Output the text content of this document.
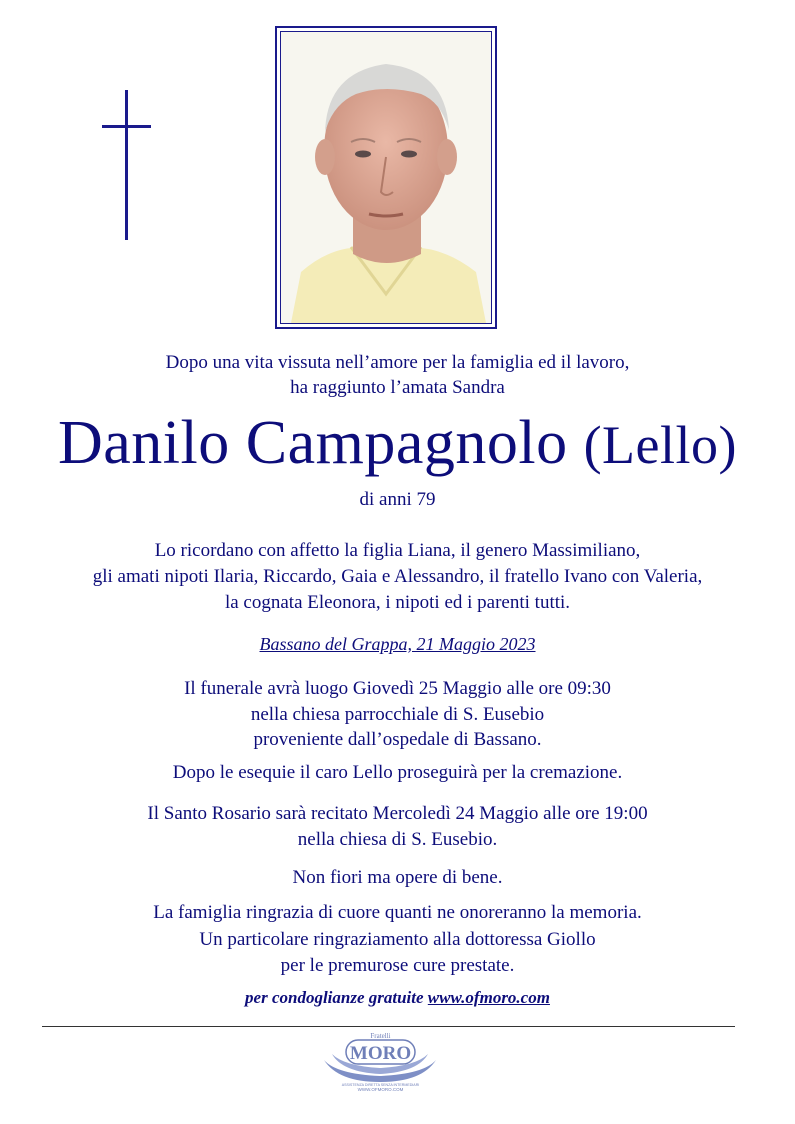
Dopo una vita vissuta nell’amore per la famiglia ed il lavoro,
ha raggiunto l’amata Sandra
Danilo Campagnolo (Lello)
di anni 79
Lo ricordano con affetto la figlia Liana, il genero Massimiliano,
gli amati nipoti Ilaria, Riccardo, Gaia e Alessandro, il fratello Ivano con Valeria,
la cognata Eleonora, i nipoti ed i parenti tutti.
Bassano del Grappa, 21 Maggio 2023
Il funerale avrà luogo Giovedì 25 Maggio alle ore 09:30
nella chiesa parrocchiale di S. Eusebio
proveniente dall’ospedale di Bassano.
Dopo le esequie il caro Lello proseguirà per la cremazione.
Il Santo Rosario sarà recitato Mercoledì 24 Maggio alle ore 19:00
nella chiesa di S. Eusebio.
Non fiori ma opere di bene.
La famiglia ringrazia di cuore quanti ne onoreranno la memoria.
Un particolare ringraziamento alla dottoressa Giollo
per le premurose cure prestate.
per condoglianze gratuite www.ofmoro.com
Fratelli
MORO
ASSISTENZA DIRETTA SENZA INTERMEDIARI
WWW.OFMORO.COM
